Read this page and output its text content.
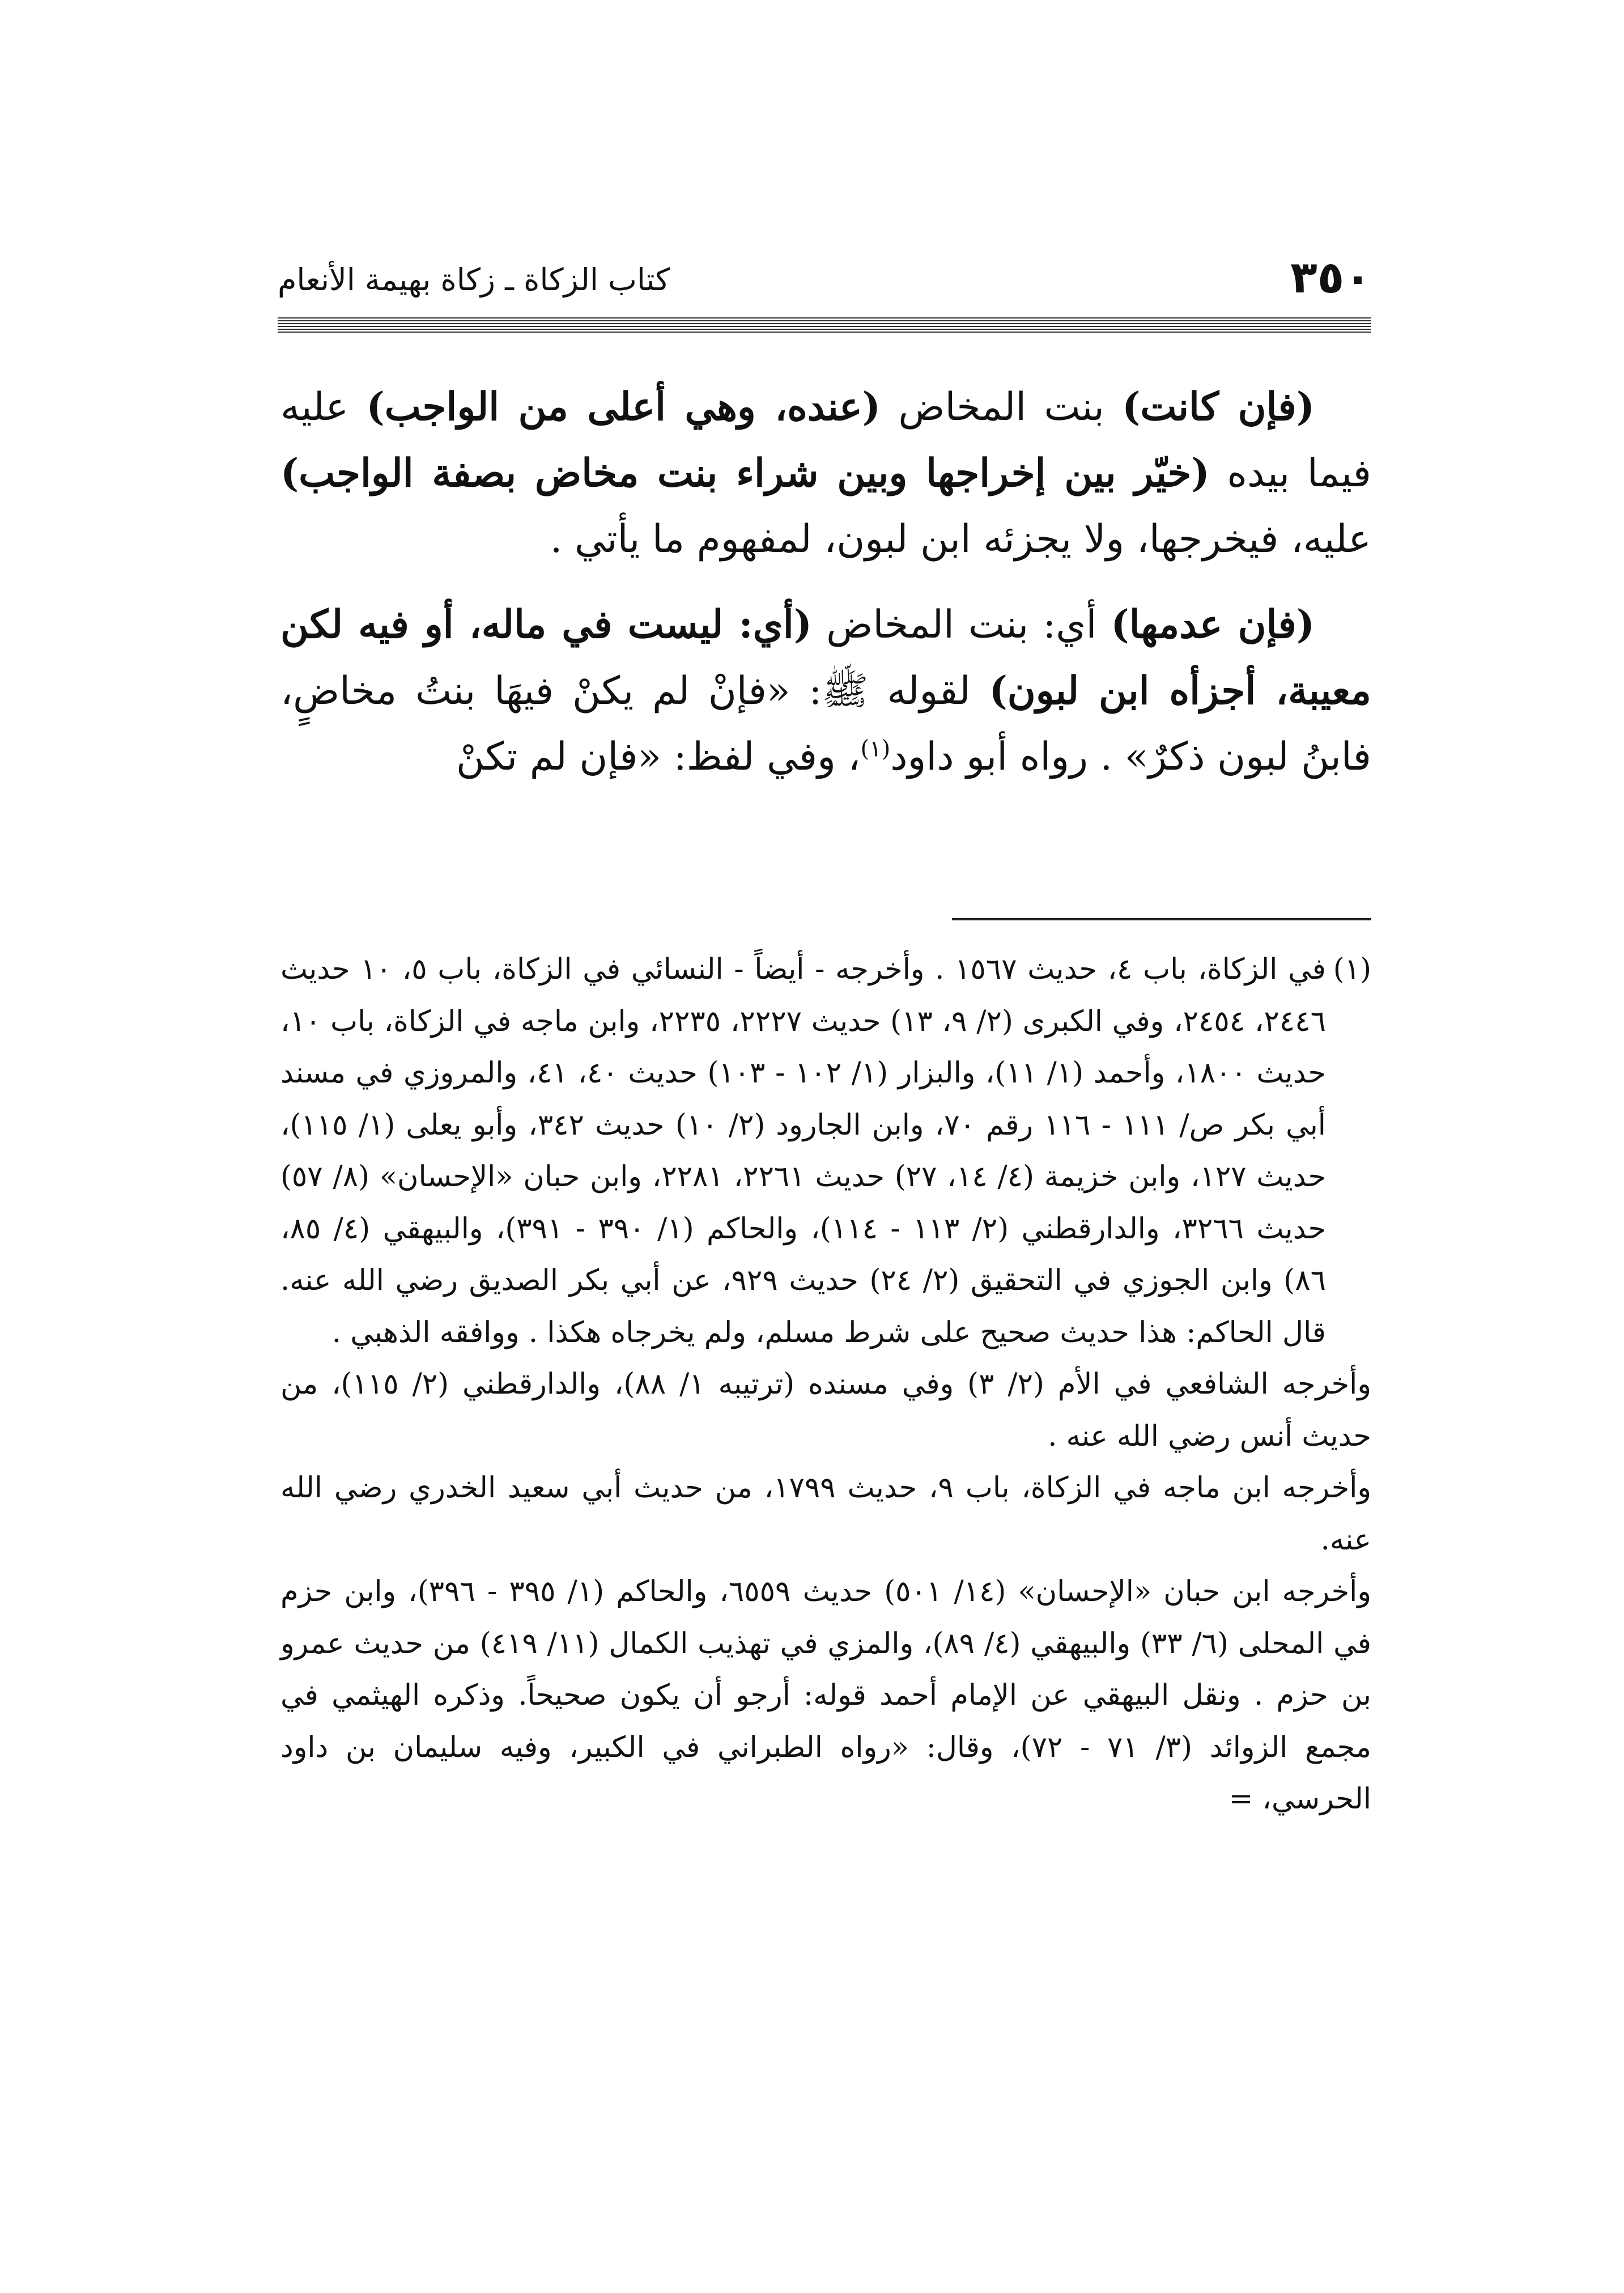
٣٥٠
كتاب الزكاة ـ زكاة بهيمة الأنعام

(فإن كانت) بنت المخاض (عنده، وهي أعلى من الواجب) عليه فيما بيده (خيّر بين إخراجها وبين شراء بنت مخاض بصفة الواجب) عليه، فيخرجها، ولا يجزئه ابن لبون، لمفهوم ما يأتي .

(فإن عدمها) أي: بنت المخاض (أي: ليست في ماله، أو فيه لكن معيبة، أجزأه ابن لبون) لقوله ﷺ: «فإنْ لم يكنْ فيهَا بنتُ مخاضٍ، فابنُ لبون ذكرٌ» . رواه أبو داود$^{(١)}$، وفي لفظ: «فإن لم تكنْ

(١)
في الزكاة، باب ٤، حديث ١٥٦٧ . وأخرجه - أيضاً - النسائي في الزكاة، باب ٥، ١٠ حديث ٢٤٤٦، ٢٤٥٤، وفي الكبرى (٢/ ٩، ١٣) حديث ٢٢٢٧، ٢٢٣٥، وابن ماجه في الزكاة، باب ١٠، حديث ١٨٠٠، وأحمد (١/ ١١)، والبزار (١/ ١٠٢ - ١٠٣) حديث ٤٠، ٤١، والمروزي في مسند أبي بكر ص/ ١١١ - ١١٦ رقم ٧٠، وابن الجارود (٢/ ١٠) حديث ٣٤٢، وأبو يعلى (١/ ١١٥)، حديث ١٢٧، وابن خزيمة (٤/ ١٤، ٢٧) حديث ٢٢٦١، ٢٢٨١، وابن حبان «الإحسان» (٨/ ٥٧) حديث ٣٢٦٦، والدارقطني (٢/ ١١٣ - ١١٤)، والحاكم (١/ ٣٩٠ - ٣٩١)، والبيهقي (٤/ ٨٥، ٨٦) وابن الجوزي في التحقيق (٢/ ٢٤) حديث ٩٢٩، عن أبي بكر الصديق رضي الله عنه. قال الحاكم: هذا حديث صحيح على شرط مسلم، ولم يخرجاه هكذا . ووافقه الذهبي .

وأخرجه الشافعي في الأم (٢/ ٣) وفي مسنده (ترتيبه ١/ ٨٨)، والدارقطني (٢/ ١١٥)، من حديث أنس رضي الله عنه .

وأخرجه ابن ماجه في الزكاة، باب ٩، حديث ١٧٩٩، من حديث أبي سعيد الخدري رضي الله عنه.

وأخرجه ابن حبان «الإحسان» (١٤/ ٥٠١) حديث ٦٥٥٩، والحاكم (١/ ٣٩٥ - ٣٩٦)، وابن حزم في المحلى (٦/ ٣٣) والبيهقي (٤/ ٨٩)، والمزي في تهذيب الكمال (١١/ ٤١٩) من حديث عمرو بن حزم . ونقل البيهقي عن الإمام أحمد قوله: أرجو أن يكون صحيحاً. وذكره الهيثمي في مجمع الزوائد (٣/ ٧١ - ٧٢)، وقال: «رواه الطبراني في الكبير، وفيه سليمان بن داود الحرسي، =
